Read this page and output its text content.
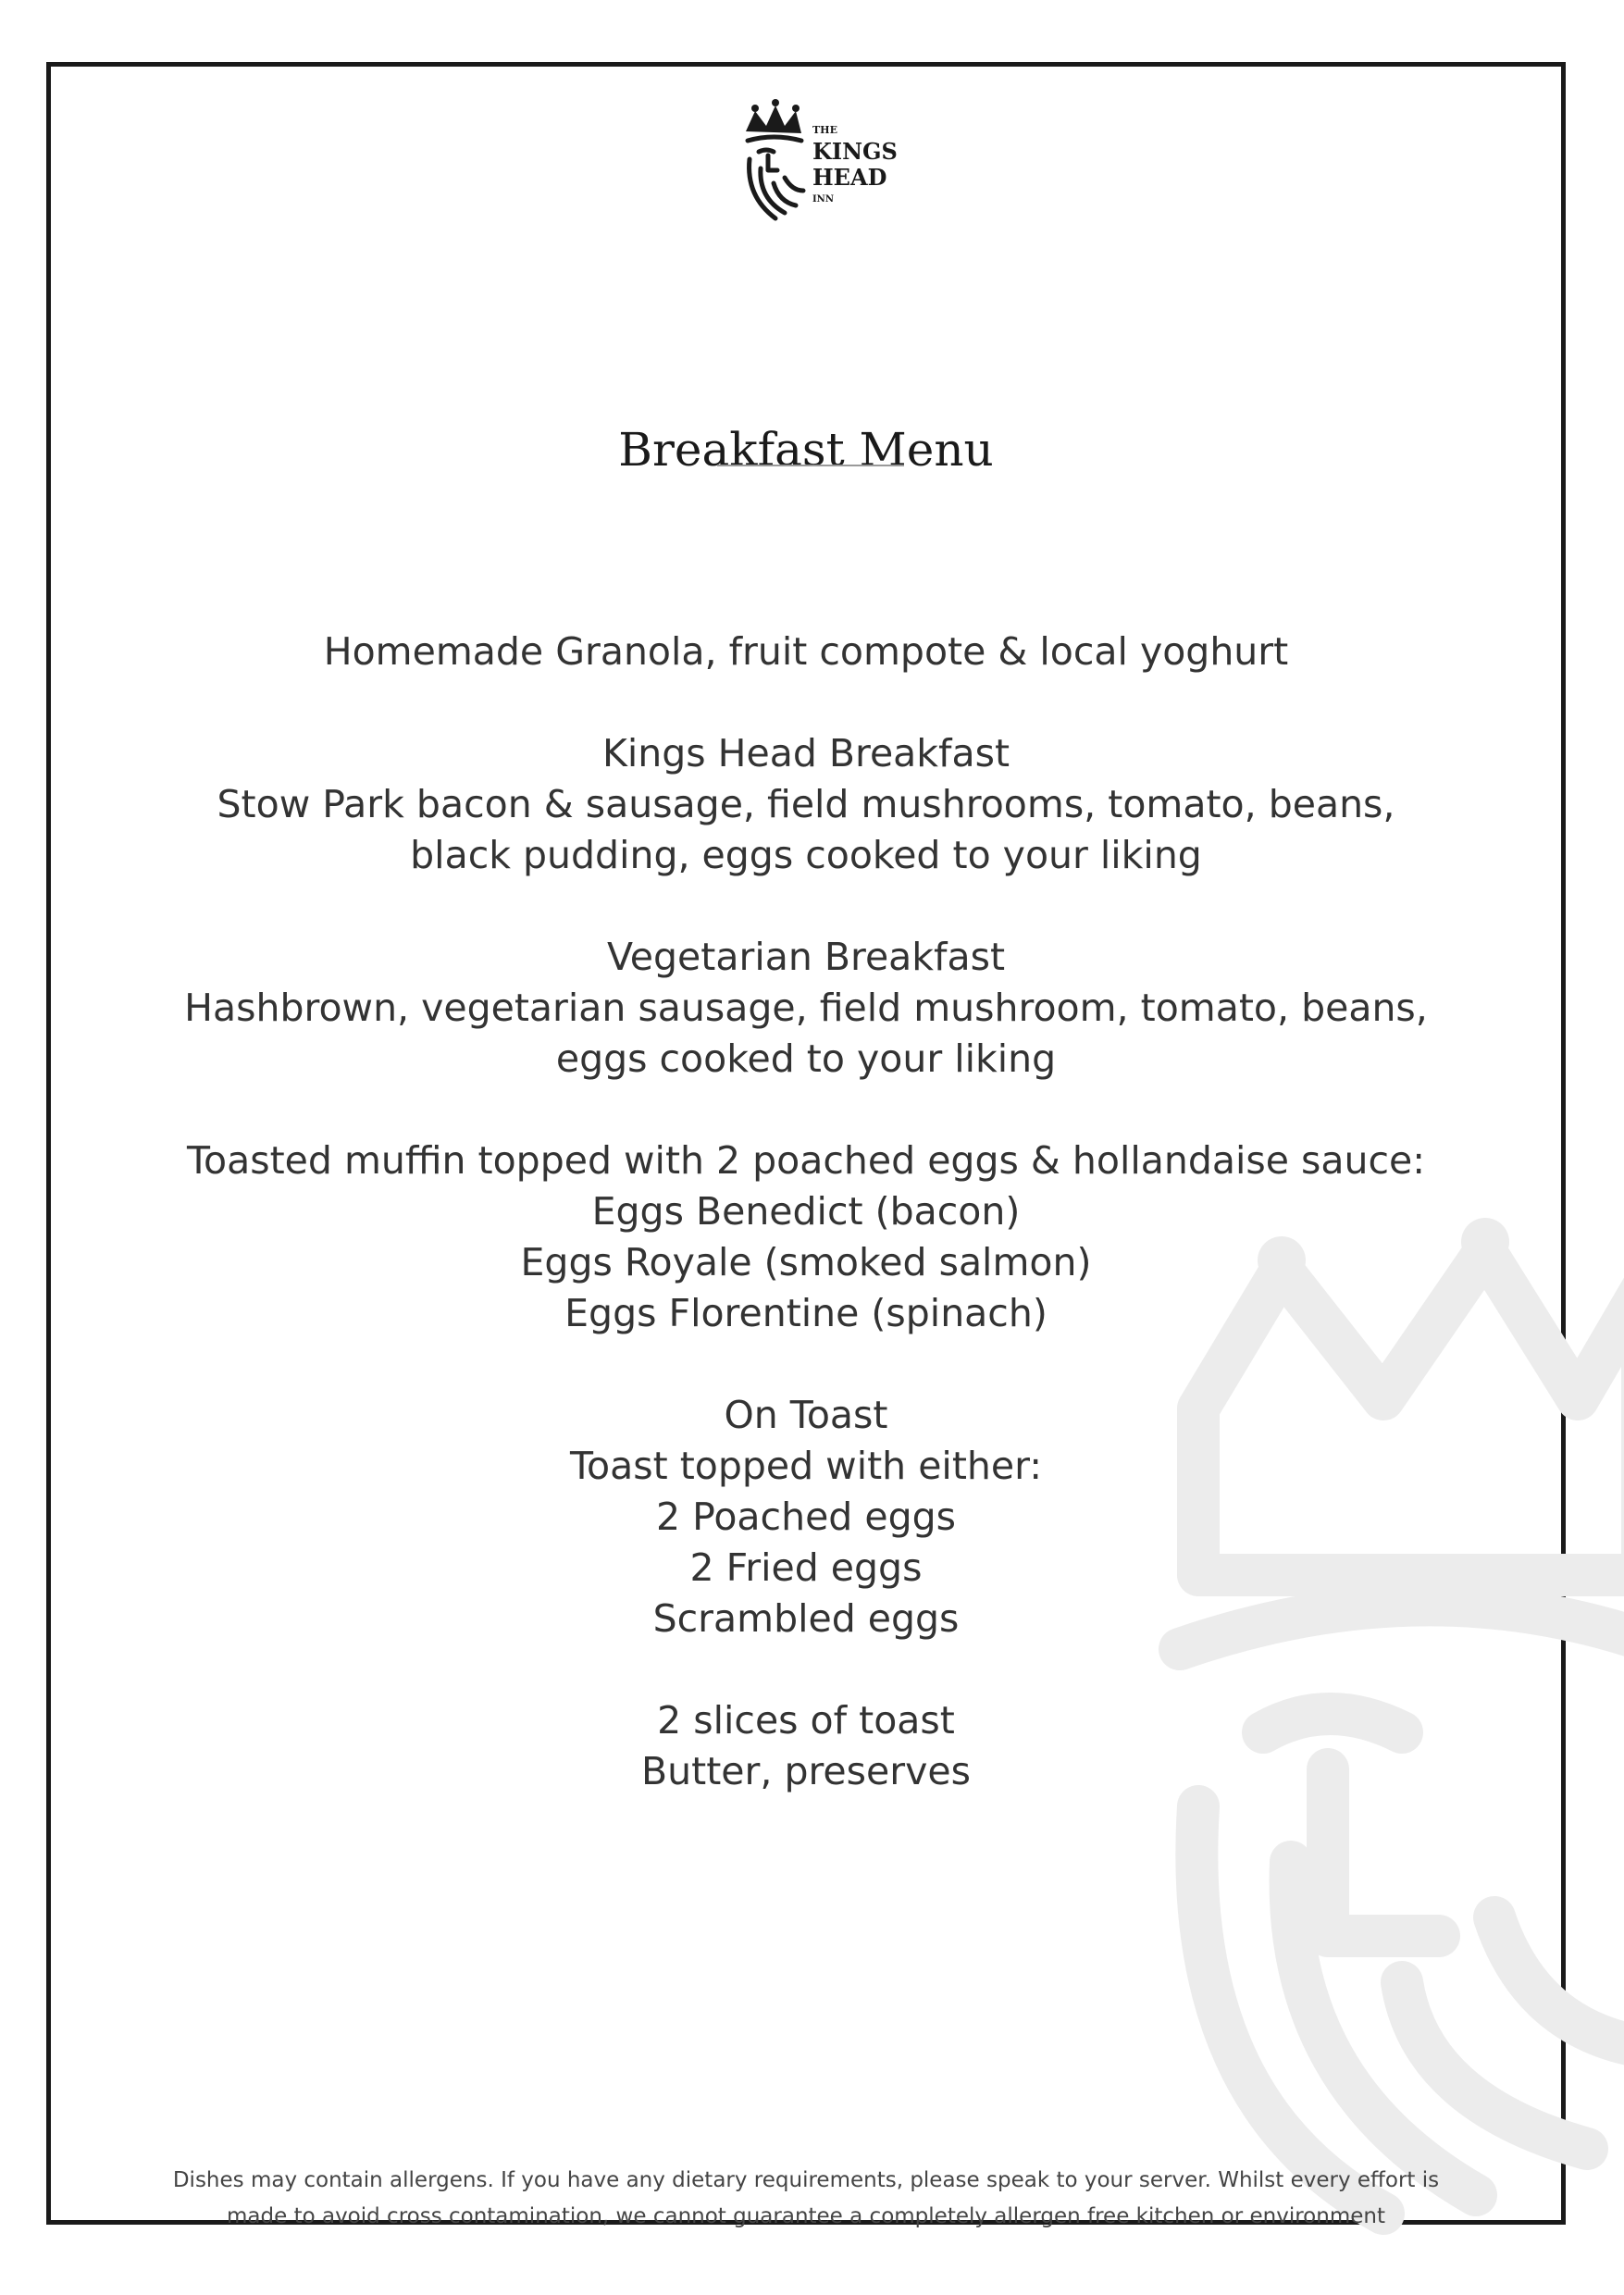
THE
KINGS
HEAD
INN
Breakfast Menu
Homemade Granola, fruit compote & local yoghurt
Kings Head Breakfast
Stow Park bacon & sausage, field mushrooms, tomato, beans,
black pudding, eggs cooked to your liking
Vegetarian Breakfast
Hashbrown, vegetarian sausage, field mushroom, tomato, beans,
eggs cooked to your liking
Toasted muffin topped with 2 poached eggs & hollandaise sauce:
Eggs Benedict (bacon)
Eggs Royale (smoked salmon)
Eggs Florentine (spinach)
On Toast
Toast topped with either:
2 Poached eggs
2 Fried eggs
Scrambled eggs
2 slices of toast
Butter, preserves
Dishes may contain allergens. If you have any dietary requirements, please speak to your server. Whilst every effort is
made to avoid cross contamination, we cannot guarantee a completely allergen free kitchen or environment
